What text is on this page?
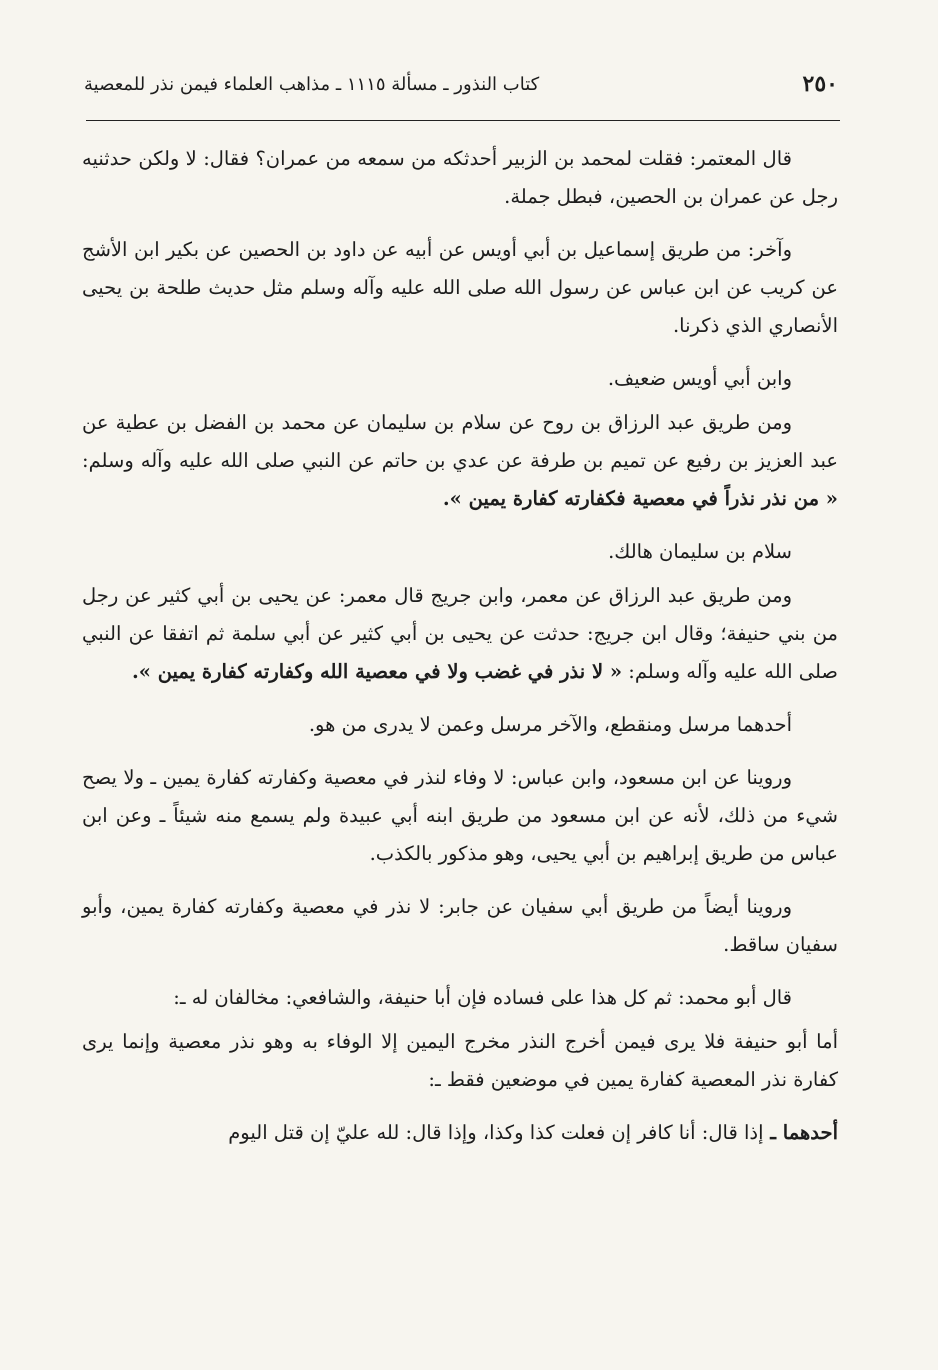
٢٥٠
كتاب النذور ـ مسألة ١١١٥ ـ مذاهب العلماء فيمن نذر للمعصية

قال المعتمر: فقلت لمحمد بن الزبير أحدثكه من سمعه من عمران؟ فقال: لا ولكن حدثنيه رجل عن عمران بن الحصين، فبطل جملة.

وآخر: من طريق إسماعيل بن أبي أويس عن أبيه عن داود بن الحصين عن بكير ابن الأشج عن كريب عن ابن عباس عن رسول الله صلى الله عليه وآله وسلم مثل حديث طلحة بن يحيى الأنصاري الذي ذكرنا.

وابن أبي أويس ضعيف.

ومن طريق عبد الرزاق بن روح عن سلام بن سليمان عن محمد بن الفضل بن عطية عن عبد العزيز بن رفيع عن تميم بن طرفة عن عدي بن حاتم عن النبي صلى الله عليه وآله وسلم: « من نذر نذراً في معصية فكفارته كفارة يمين ».

سلام بن سليمان هالك.

ومن طريق عبد الرزاق عن معمر، وابن جريج قال معمر: عن يحيى بن أبي كثير عن رجل من بني حنيفة؛ وقال ابن جريج: حدثت عن يحيى بن أبي كثير عن أبي سلمة ثم اتفقا عن النبي صلى الله عليه وآله وسلم: « لا نذر في غضب ولا في معصية الله وكفارته كفارة يمين ».

أحدهما مرسل ومنقطع، والآخر مرسل وعمن لا يدرى من هو.

وروينا عن ابن مسعود، وابن عباس: لا وفاء لنذر في معصية وكفارته كفارة يمين ـ ولا يصح شيء من ذلك، لأنه عن ابن مسعود من طريق ابنه أبي عبيدة ولم يسمع منه شيئاً ـ وعن ابن عباس من طريق إبراهيم بن أبي يحيى، وهو مذكور بالكذب.

وروينا أيضاً من طريق أبي سفيان عن جابر: لا نذر في معصية وكفارته كفارة يمين، وأبو سفيان ساقط.

قال أبو محمد: ثم كل هذا على فساده فإن أبا حنيفة، والشافعي: مخالفان له ـ:

أما أبو حنيفة فلا يرى فيمن أخرج النذر مخرج اليمين إلا الوفاء به وهو نذر معصية وإنما يرى كفارة نذر المعصية كفارة يمين في موضعين فقط ـ:

أحدهما ـ إذا قال: أنا كافر إن فعلت كذا وكذا، وإذا قال: لله عليّ إن قتل اليوم
